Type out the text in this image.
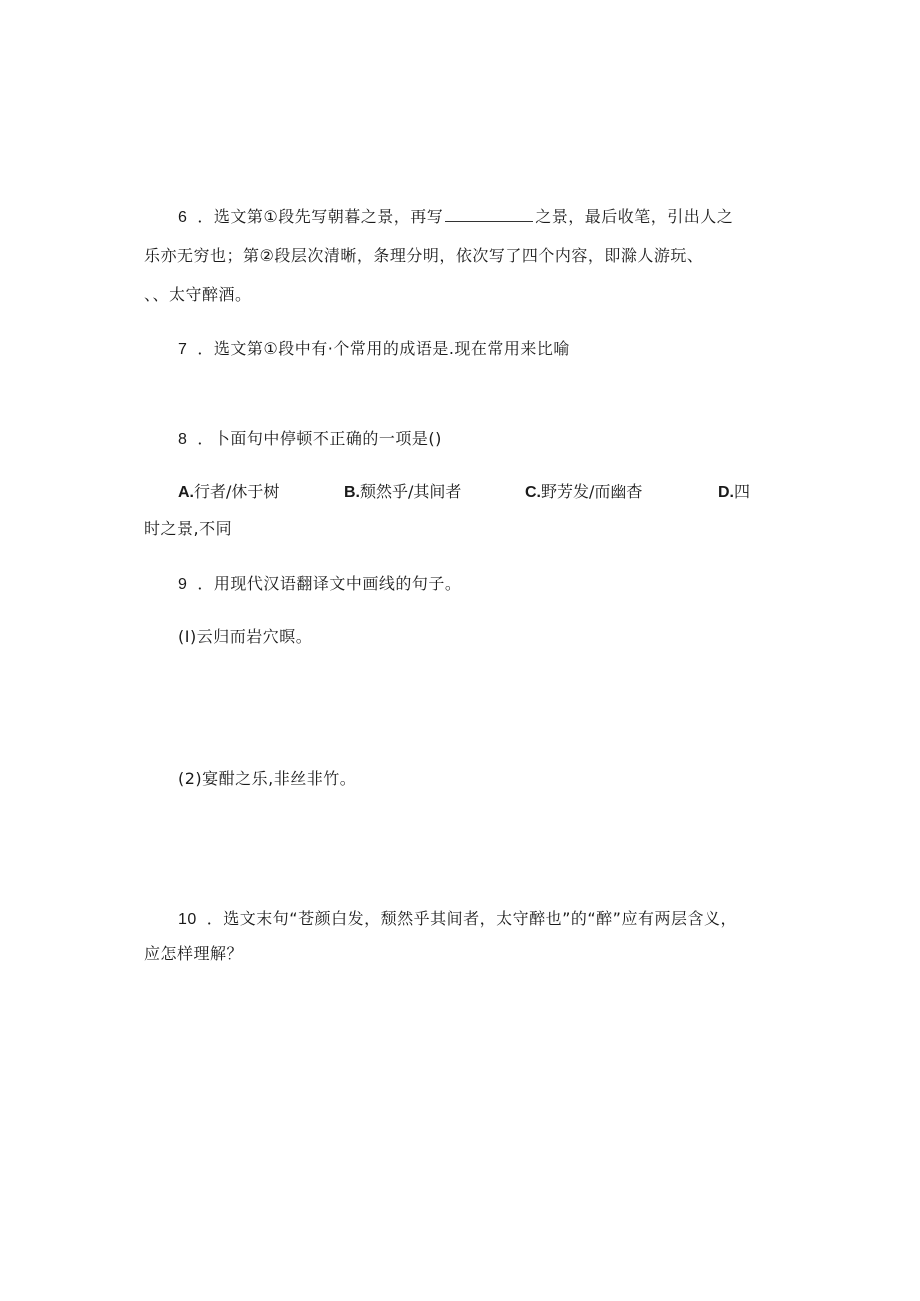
6 ．选文第①段先写朝暮之景，再写	之景，最后收笔，引出人之
乐亦无穷也；第②段层次清晰，条理分明，依次写了四个内容，即滁人游玩、
、、太守醉酒。
7 ．选文第①段中有·个常用的成语是.现在常用来比喻
8 ．卜面句中停顿不正确的一项是()
A.行者/休于树	B.颓然乎/其间者	C.野芳发/而幽杳	D.四
时之景,不同
9 ．用现代汉语翻译文中画线的句子。
(I)云归而岩穴暝。
(2)宴酣之乐,非丝非竹。
10 ．选文末句“苍颜白发，颓然乎其间者，太守醉也”的“醉”应有两层含义，
应怎样理解？
